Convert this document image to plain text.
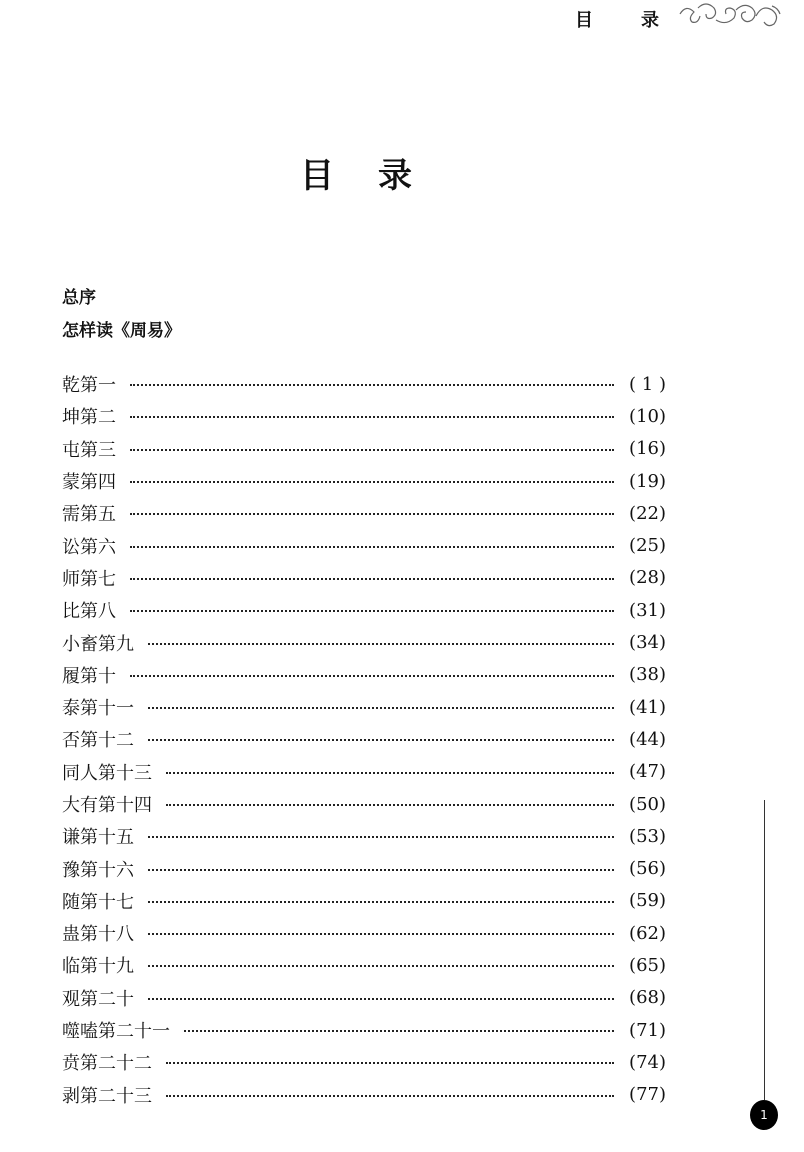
目	录
目 录
总序
怎样读《周易》
乾第一	( 1 )
坤第二	(10)
屯第三	(16)
蒙第四	(19)
需第五	(22)
讼第六	(25)
师第七	(28)
比第八	(31)
小畜第九	(34)
履第十	(38)
泰第十一	(41)
否第十二	(44)
同人第十三	(47)
大有第十四	(50)
谦第十五	(53)
豫第十六	(56)
随第十七	(59)
蛊第十八	(62)
临第十九	(65)
观第二十	(68)
噬嗑第二十一	(71)
贲第二十二	(74)
剥第二十三	(77)
1
